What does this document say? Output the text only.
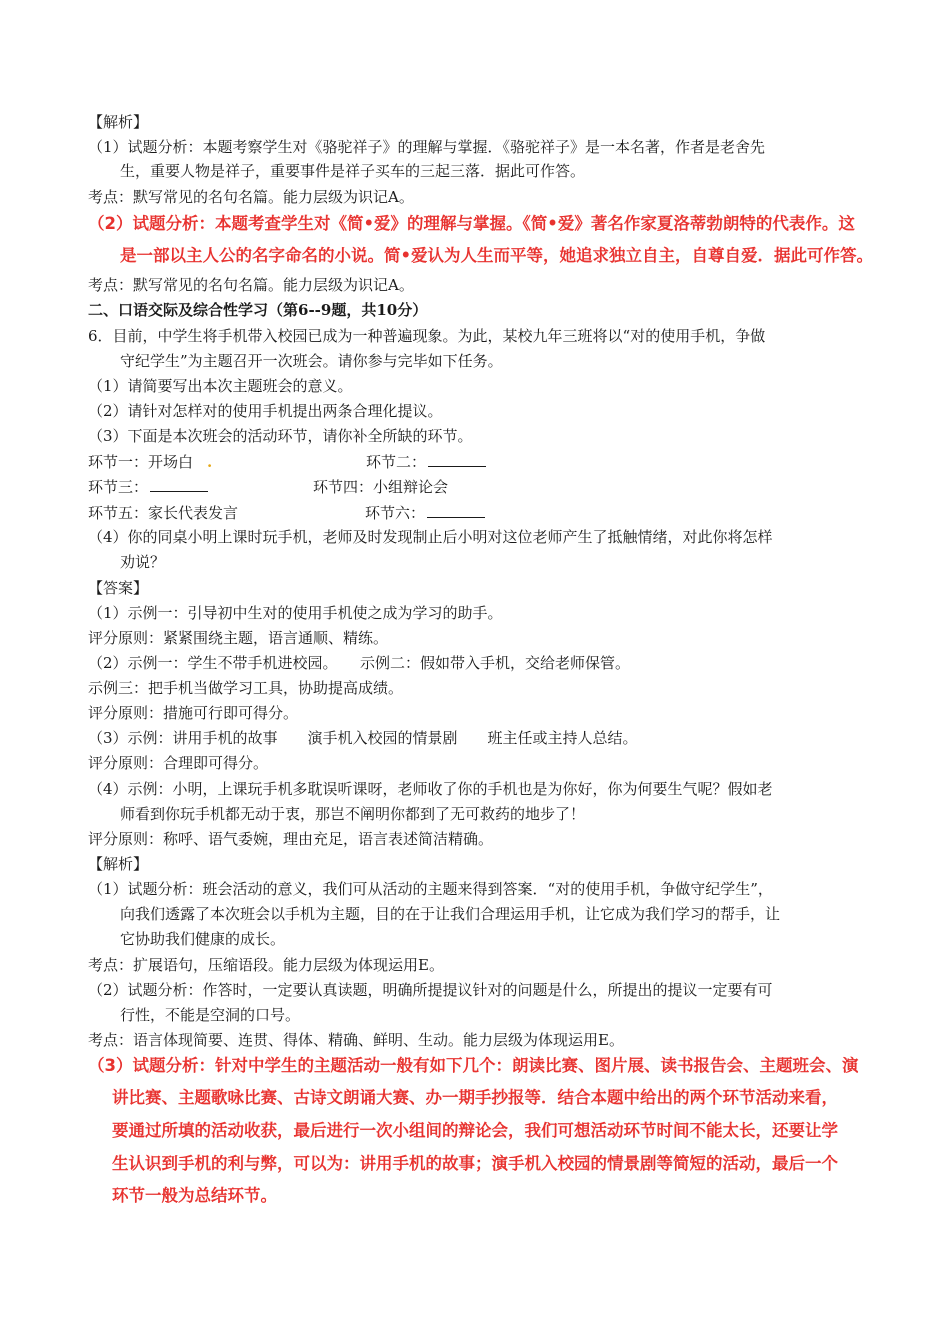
【解析】
（1）试题分析：本题考察学生对《骆驼祥子》的理解与掌握．《骆驼祥子》是一本名著，作者是老舍先
生，重要人物是祥子，重要事件是祥子买车的三起三落．据此可作答。
考点：默写常见的名句名篇。能力层级为识记A。
（2）试题分析：本题考查学生对《简•爱》的理解与掌握。《简•爱》著名作家夏洛蒂勃朗特的代表作。这
是一部以主人公的名字命名的小说。简•爱认为人生而平等，她追求独立自主，自尊自爱．据此可作答。
考点：默写常见的名句名篇。能力层级为识记A。
二、口语交际及综合性学习（第6--9题，共10分）
6．目前，中学生将手机带入校园已成为一种普遍现象。为此，某校九年三班将以“对的使用手机，争做
守纪学生”为主题召开一次班会。请你参与完毕如下任务。
（1）请简要写出本次主题班会的意义。
（2）请针对怎样对的使用手机提出两条合理化提议。
（3）下面是本次班会的活动环节，请你补全所缺的环节。
环节一：开场白 .	环节二：
环节三：	环节四：小组辩论会
环节五：家长代表发言	环节六：
（4）你的同桌小明上课时玩手机，老师及时发现制止后小明对这位老师产生了抵触情绪，对此你将怎样
劝说？
【答案】
（1）示例一：引导初中生对的使用手机使之成为学习的助手。
评分原则：紧紧围绕主题，语言通顺、精练。
（2）示例一：学生不带手机进校园。　　示例二：假如带入手机，交给老师保管。
示例三：把手机当做学习工具，协助提高成绩。
评分原则：措施可行即可得分。
（3）示例：讲用手机的故事　　演手机入校园的情景剧　　班主任或主持人总结。
评分原则：合理即可得分。
（4）示例：小明，上课玩手机多耽误听课呀，老师收了你的手机也是为你好，你为何要生气呢？假如老
师看到你玩手机都无动于衷，那岂不阐明你都到了无可救药的地步了！
评分原则：称呼、语气委婉，理由充足，语言表述简洁精确。
【解析】
（1）试题分析：班会活动的意义，我们可从活动的主题来得到答案．“对的使用手机，争做守纪学生”，
向我们透露了本次班会以手机为主题，目的在于让我们合理运用手机，让它成为我们学习的帮手，让
它协助我们健康的成长。
考点：扩展语句，压缩语段。能力层级为体现运用E。
（2）试题分析：作答时，一定要认真读题，明确所提提议针对的问题是什么，所提出的提议一定要有可
行性，不能是空洞的口号。
考点：语言体现简要、连贯、得体、精确、鲜明、生动。能力层级为体现运用E。
（3）试题分析：针对中学生的主题活动一般有如下几个：朗读比赛、图片展、读书报告会、主题班会、演
讲比赛、主题歌咏比赛、古诗文朗诵大赛、办一期手抄报等．结合本题中给出的两个环节活动来看，
要通过所填的活动收获，最后进行一次小组间的辩论会，我们可想活动环节时间不能太长，还要让学
生认识到手机的利与弊，可以为：讲用手机的故事；演手机入校园的情景剧等简短的活动，最后一个
环节一般为总结环节。
